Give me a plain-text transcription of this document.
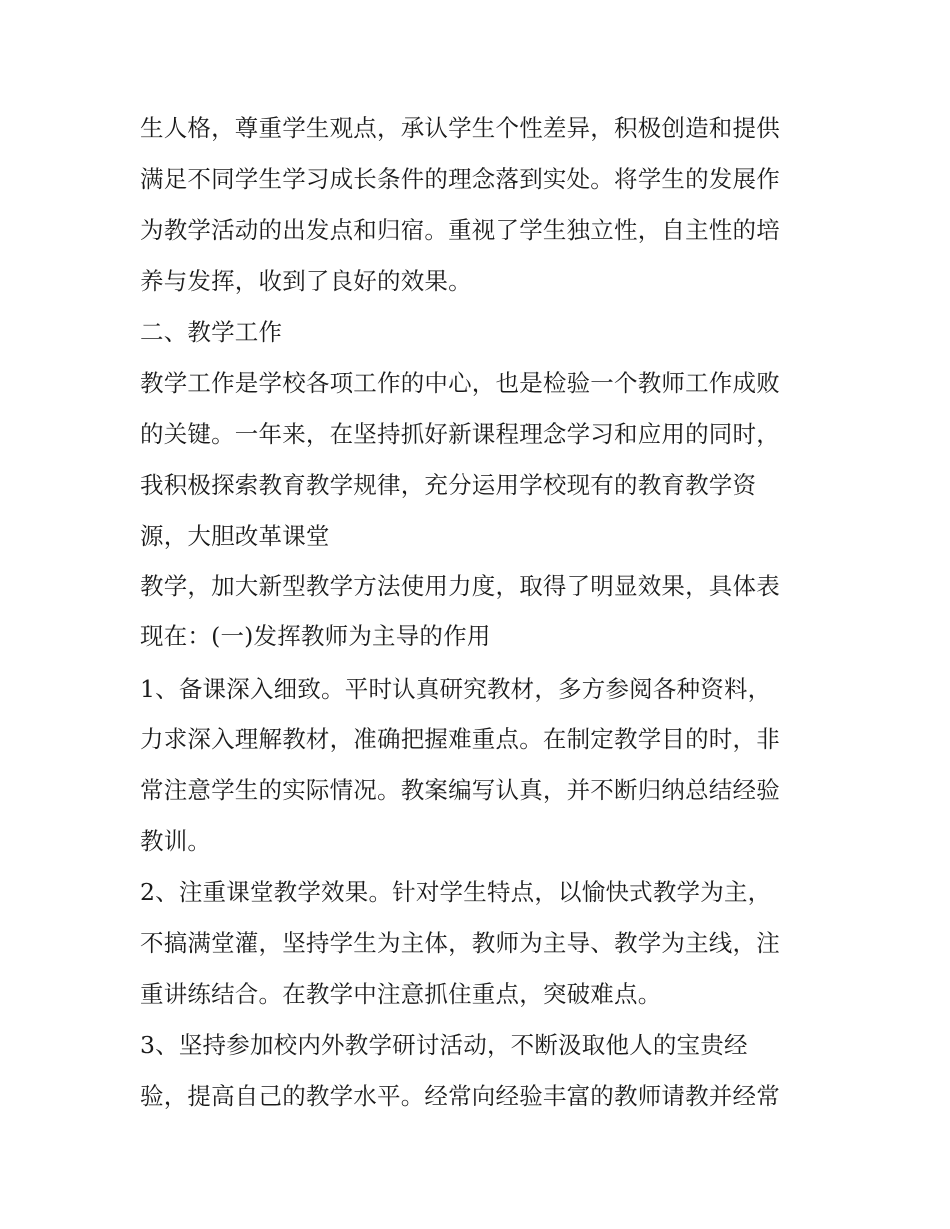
生人格，尊重学生观点，承认学生个性差异，积极创造和提供
满足不同学生学习成长条件的理念落到实处。将学生的发展作
为教学活动的出发点和归宿。重视了学生独立性，自主性的培
养与发挥，收到了良好的效果。
二、教学工作
教学工作是学校各项工作的中心，也是检验一个教师工作成败
的关键。一年来，在坚持抓好新课程理念学习和应用的同时，
我积极探索教育教学规律，充分运用学校现有的教育教学资
源，大胆改革课堂
教学，加大新型教学方法使用力度，取得了明显效果，具体表
现在：(一)发挥教师为主导的作用
1、备课深入细致。平时认真研究教材，多方参阅各种资料，
力求深入理解教材，准确把握难重点。在制定教学目的时，非
常注意学生的实际情况。教案编写认真，并不断归纳总结经验
教训。
2、注重课堂教学效果。针对学生特点，以愉快式教学为主，
不搞满堂灌，坚持学生为主体，教师为主导、教学为主线，注
重讲练结合。在教学中注意抓住重点，突破难点。
3、坚持参加校内外教学研讨活动，不断汲取他人的宝贵经
验，提高自己的教学水平。经常向经验丰富的教师请教并经常
